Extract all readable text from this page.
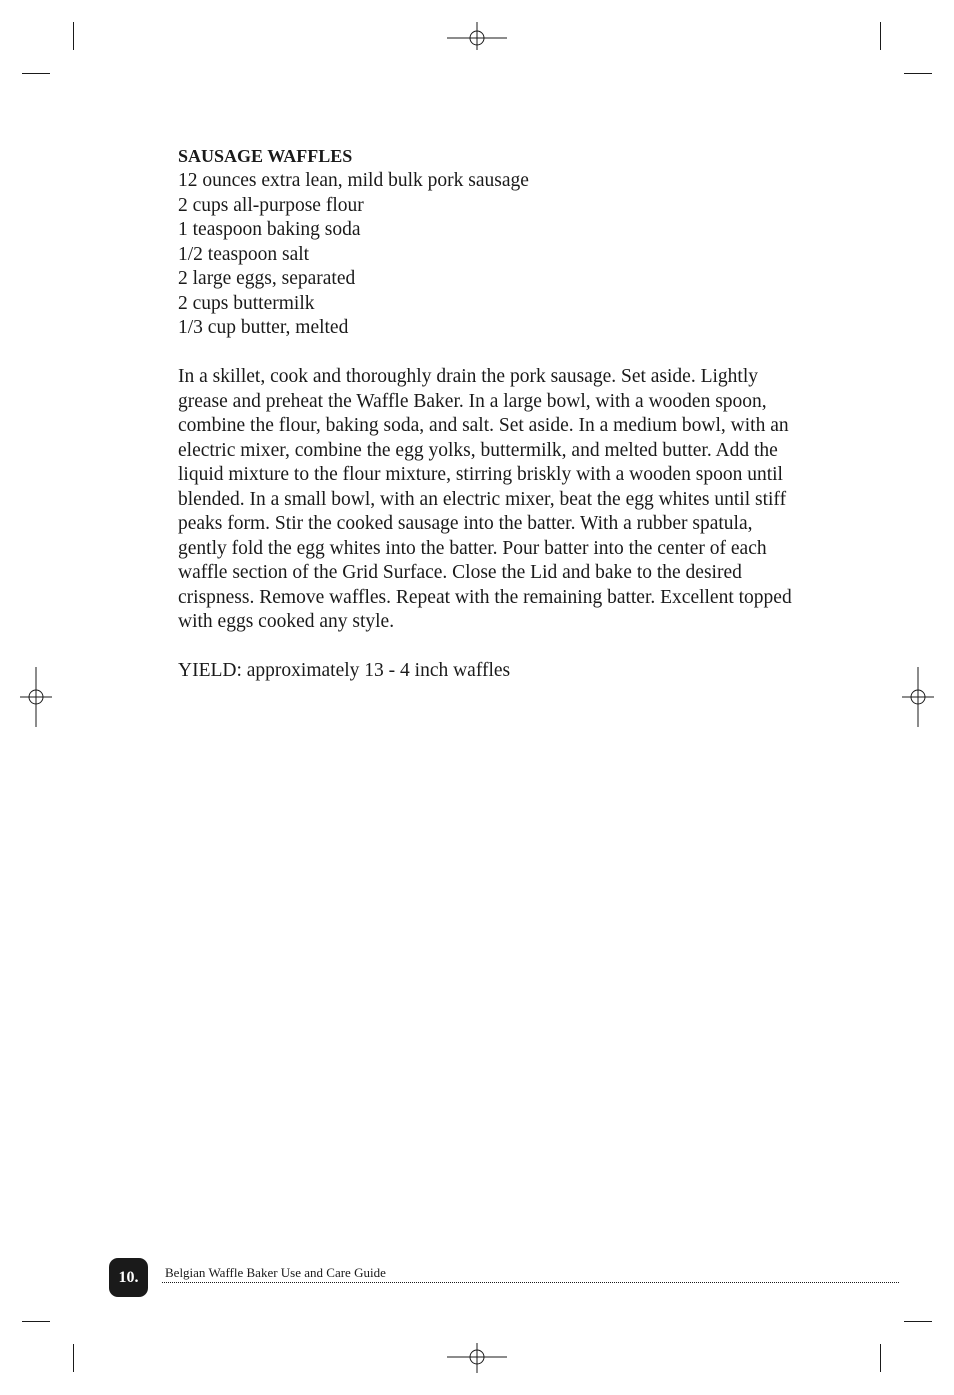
SAUSAGE WAFFLES
12 ounces extra lean, mild bulk pork sausage
2 cups all-purpose flour
1 teaspoon baking soda
1/2 teaspoon salt
2 large eggs, separated
2 cups buttermilk
1/3 cup butter, melted

In a skillet, cook and thoroughly drain the pork sausage. Set aside. Lightly grease and preheat the Waffle Baker. In a large bowl, with a wooden spoon, combine the flour, baking soda, and salt. Set aside. In a medium bowl, with an electric mixer, combine the egg yolks, buttermilk, and melted butter. Add the liquid mixture to the flour mixture, stirring briskly with a wooden spoon until blended. In a small bowl, with an electric mixer, beat the egg whites until stiff peaks form. Stir the cooked sausage into the batter. With a rubber spatula, gently fold the egg whites into the batter. Pour batter into the center of each waffle section of the Grid Surface. Close the Lid and bake to the desired crispness. Remove waffles. Repeat with the remaining batter. Excellent topped with eggs cooked any style.

YIELD: approximately 13 - 4 inch waffles

10.	Belgian Waffle Baker Use and Care Guide
